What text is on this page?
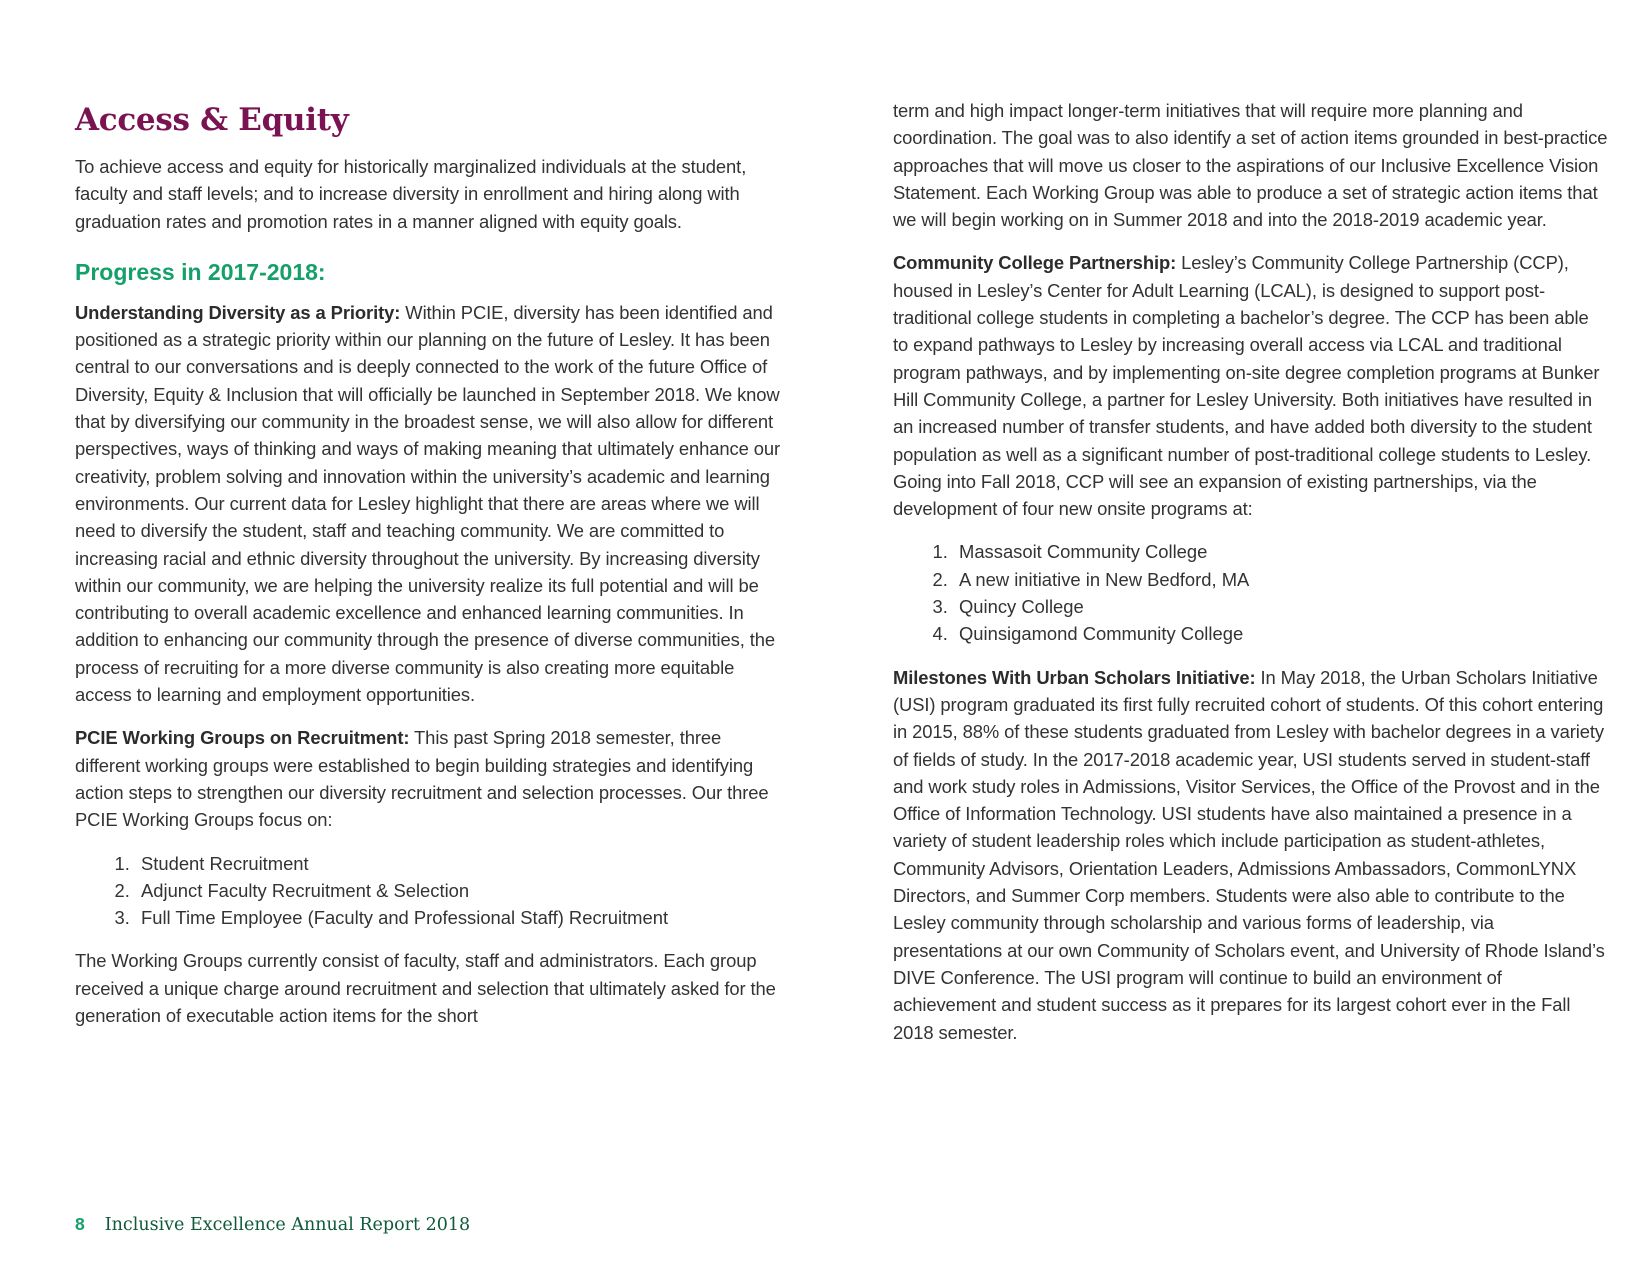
Access & Equity

To achieve access and equity for historically marginalized individuals at the student, faculty and staff levels; and to increase diversity in enrollment and hiring along with graduation rates and promotion rates in a manner aligned with equity goals.

Progress in 2017-2018:

Understanding Diversity as a Priority: Within PCIE, diversity has been identified and positioned as a strategic priority within our planning on the future of Lesley. It has been central to our conversations and is deeply connected to the work of the future Office of Diversity, Equity & Inclusion that will officially be launched in September 2018. We know that by diversifying our community in the broadest sense, we will also allow for different perspectives, ways of thinking and ways of making meaning that ultimately enhance our creativity, problem solving and innovation within the university’s academic and learning environments. Our current data for Lesley highlight that there are areas where we will need to diversify the student, staff and teaching community. We are committed to increasing racial and ethnic diversity throughout the university. By increasing diversity within our community, we are helping the university realize its full potential and will be contributing to overall academic excellence and enhanced learning communities. In addition to enhancing our community through the presence of diverse communities, the process of recruiting for a more diverse community is also creating more equitable access to learning and employment opportunities.

PCIE Working Groups on Recruitment: This past Spring 2018 semester, three different working groups were established to begin building strategies and identifying action steps to strengthen our diversity recruitment and selection processes. Our three PCIE Working Groups focus on:

1. Student Recruitment
2. Adjunct Faculty Recruitment & Selection
3. Full Time Employee (Faculty and Professional Staff) Recruitment

The Working Groups currently consist of faculty, staff and administrators. Each group received a unique charge around recruitment and selection that ultimately asked for the generation of executable action items for the short

term and high impact longer-term initiatives that will require more planning and coordination. The goal was to also identify a set of action items grounded in best-practice approaches that will move us closer to the aspirations of our Inclusive Excellence Vision Statement. Each Working Group was able to produce a set of strategic action items that we will begin working on in Summer 2018 and into the 2018-2019 academic year.

Community College Partnership: Lesley’s Community College Partnership (CCP), housed in Lesley’s Center for Adult Learning (LCAL), is designed to support post-traditional college students in completing a bachelor’s degree. The CCP has been able to expand pathways to Lesley by increasing overall access via LCAL and traditional program pathways, and by implementing on-site degree completion programs at Bunker Hill Community College, a partner for Lesley University. Both initiatives have resulted in an increased number of transfer students, and have added both diversity to the student population as well as a significant number of post-traditional college students to Lesley. Going into Fall 2018, CCP will see an expansion of existing partnerships, via the development of four new onsite programs at:

1. Massasoit Community College
2. A new initiative in New Bedford, MA
3. Quincy College
4. Quinsigamond Community College

Milestones With Urban Scholars Initiative: In May 2018, the Urban Scholars Initiative (USI) program graduated its first fully recruited cohort of students. Of this cohort entering in 2015, 88% of these students graduated from Lesley with bachelor degrees in a variety of fields of study. In the 2017-2018 academic year, USI students served in student-staff and work study roles in Admissions, Visitor Services, the Office of the Provost and in the Office of Information Technology. USI students have also maintained a presence in a variety of student leadership roles which include participation as student-athletes, Community Advisors, Orientation Leaders, Admissions Ambassadors, CommonLYNX Directors, and Summer Corp members. Students were also able to contribute to the Lesley community through scholarship and various forms of leadership, via presentations at our own Community of Scholars event, and University of Rhode Island’s DIVE Conference. The USI program will continue to build an environment of achievement and student success as it prepares for its largest cohort ever in the Fall 2018 semester.

8 Inclusive Excellence Annual Report 2018
